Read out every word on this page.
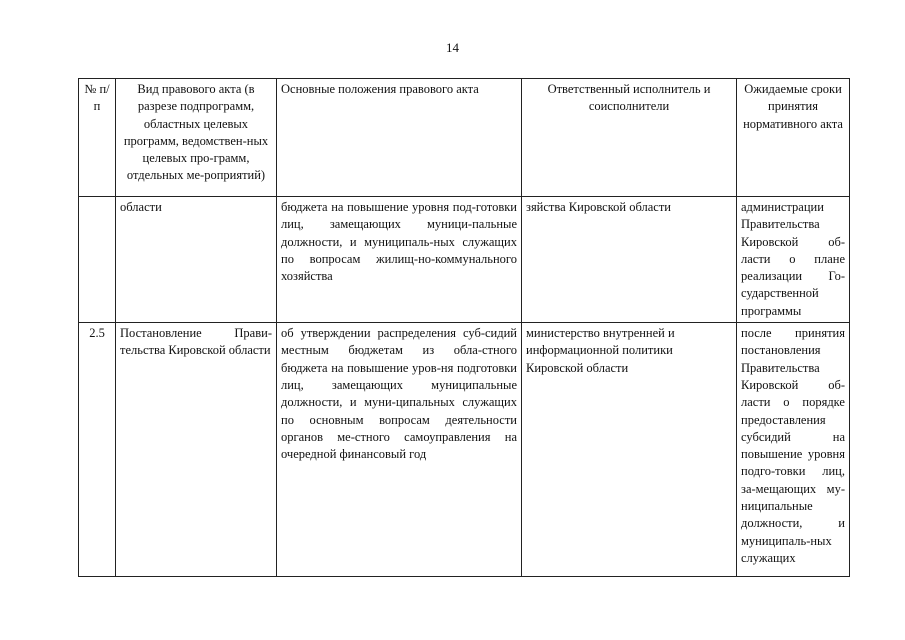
14
№ п/п	Вид правового акта (в разрезе подпрограмм, областных целевых программ, ведомствен-ных целевых про-грамм, отдельных ме-роприятий)	Основные положения правового акта	Ответственный исполнитель и соисполнители	Ожидаемые сроки принятия нормативного акта
	области	бюджета на повышение уровня под-готовки лиц, замещающих муници-пальные должности, и муниципаль-ных служащих по вопросам жилищ-но-коммунального хозяйства	зяйства Кировской области	администрации Правительства Кировской об-ласти о плане реализации Го-сударственной программы
2.5	Постановление Прави-тельства Кировской области	об утверждении распределения суб-сидий местным бюджетам из обла-стного бюджета на повышение уров-ня подготовки лиц, замещающих муниципальные должности, и муни-ципальных служащих по основным вопросам деятельности органов ме-стного самоуправления на очередной финансовый год	министерство внутренней и информационной политики Кировской области	после принятия постановления Правительства Кировской об-ласти о порядке предоставления субсидий на повышение уровня подго-товки лиц, за-мещающих му-ниципальные должности, и муниципаль-ных служащих
